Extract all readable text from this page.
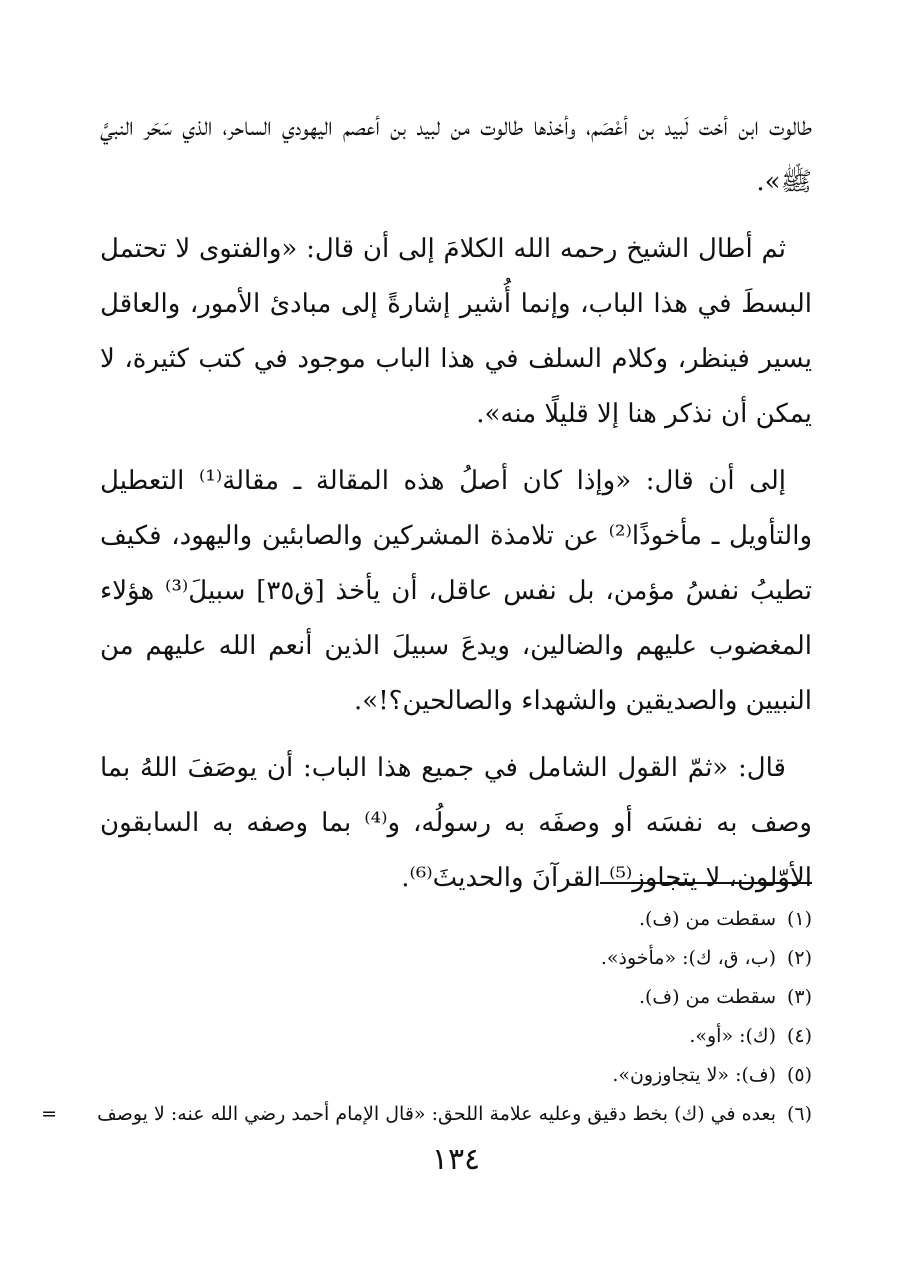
طالوت ابن أخت لَبيد بن أعْصَم، وأخذها طالوت من لبيد بن أعصم اليهودي الساحر، الذي سَحَر النبيَّ ﷺ».

ثم أطال الشيخ رحمه الله الكلامَ إلى أن قال: «والفتوى لا تحتمل البسطَ في هذا الباب، وإنما أُشير إشارةً إلى مبادئ الأمور، والعاقل يسير فينظر، وكلام السلف في هذا الباب موجود في كتب كثيرة، لا يمكن أن نذكر هنا إلا قليلًا منه».

إلى أن قال: «وإذا كان أصلُ هذه المقالة ـ مقالة⁽¹⁾ التعطيل والتأويل ـ مأخوذًا⁽²⁾ عن تلامذة المشركين والصابئين واليهود، فكيف تطيبُ نفسُ مؤمن، بل نفس عاقل، أن يأخذ [ق٣٥] سبيلَ⁽³⁾ هؤلاء المغضوب عليهم والضالين، ويدعَ سبيلَ الذين أنعم الله عليهم من النبيين والصديقين والشهداء والصالحين؟!».

قال: «ثمّ القول الشامل في جميع هذا الباب: أن يوصَفَ اللهُ بما وصف به نفسَه أو وصفَه به رسولُه، و⁽⁴⁾ بما وصفه به السابقون الأوّلون، لا يتجاوز⁽⁵⁾ القرآنَ والحديثَ⁽⁶⁾.

(١)
سقطت من (ف).
(٢)
(ب، ق، ك): «مأخوذ».
(٣)
سقطت من (ف).
(٤)
(ك): «أو».
(٥)
(ف): «لا يتجاوزون».
(٦)
بعده في (ك) بخط دقيق وعليه علامة اللحق: «قال الإمام أحمد رضي الله عنه: لا يوصف
=
١٣٤
